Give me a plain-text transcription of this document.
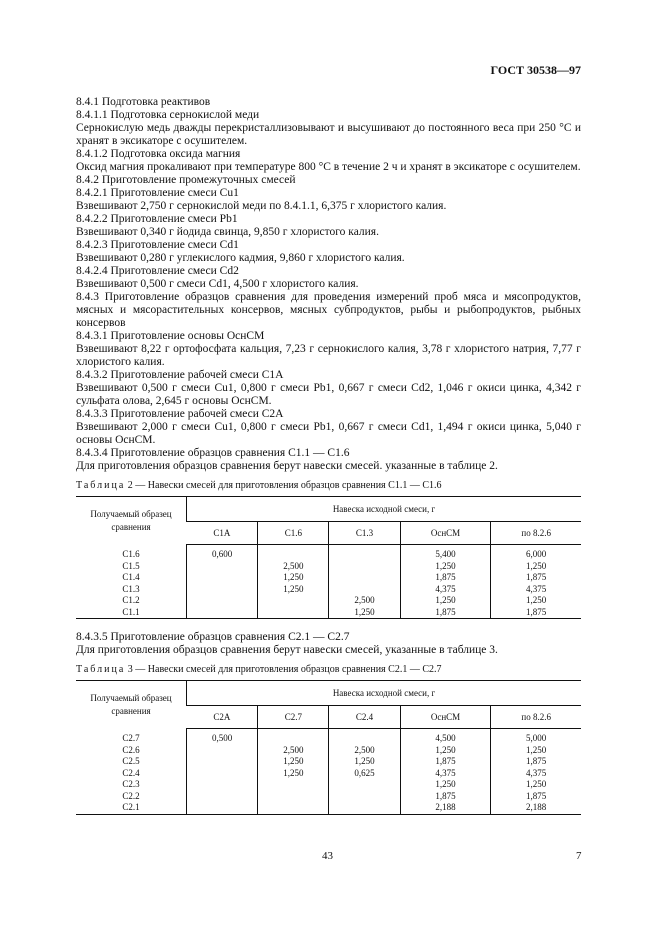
ГОСТ 30538—97

8.4.1 Подготовка реактивов

8.4.1.1 Подготовка сернокислой меди

Сернокислую медь дважды перекристаллизовывают и высушивают до постоянного веса при 250 °С и хранят в эксикаторе с осушителем.

8.4.1.2 Подготовка оксида магния

Оксид магния прокаливают при температуре 800 °С в течение 2 ч и хранят в эксикаторе с осушителем.

8.4.2 Приготовление промежуточных смесей

8.4.2.1 Приготовление смеси Cu1

Взвешивают 2,750 г сернокислой меди по 8.4.1.1, 6,375 г хлористого калия.

8.4.2.2 Приготовление смеси Pb1

Взвешивают 0,340 г йодида свинца, 9,850 г хлористого калия.

8.4.2.3 Приготовление смеси Cd1

Взвешивают 0,280 г углекислого кадмия, 9,860 г хлористого калия.

8.4.2.4 Приготовление смеси Cd2

Взвешивают 0,500 г смеси Cd1, 4,500 г хлористого калия.

8.4.3 Приготовление образцов сравнения для проведения измерений проб мяса и мясопродуктов, мясных и мясорастительных консервов, мясных субпродуктов, рыбы и рыбопродуктов, рыбных консервов

8.4.3.1 Приготовление основы ОснСМ

Взвешивают 8,22 г ортофосфата кальция, 7,23 г сернокислого калия, 3,78 г хлористого натрия, 7,77 г хлористого калия.

8.4.3.2 Приготовление рабочей смеси С1А

Взвешивают 0,500 г смеси Cu1, 0,800 г смеси Pb1, 0,667 г смеси Cd2, 1,046 г окиси цинка, 4,342 г сульфата олова, 2,645 г основы ОснСМ.

8.4.3.3 Приготовление рабочей смеси С2А

Взвешивают 2,000 г смеси Cu1, 0,800 г смеси Pb1, 0,667 г смеси Cd1, 1,494 г окиси цинка, 5,040 г основы ОснСМ.

8.4.3.4 Приготовление образцов сравнения С1.1 — С1.6

Для приготовления образцов сравнения берут навески смесей. указанные в таблице 2.

Таблица 2 — Навески смесей для приготовления образцов сравнения С1.1 — С1.6
Получаемый образец сравнения	Навеска исходной смеси, г				
	С1А	С1.6	С1.3	ОснСМ	по 8.2.6
С1.6	0,600			5,400	6,000
С1.5		2,500		1,250	1,250
С1.4		1,250		1,875	1,875
С1.3		1,250		4,375	4,375
С1.2			2,500	1,250	1,250
С1.1			1,250	1,875	1,875

8.4.3.5 Приготовление образцов сравнения С2.1 — С2.7

Для приготовления образцов сравнения берут навески смесей, указанные в таблице 3.

Таблица 3 — Навески смесей для приготовления образцов сравнения С2.1 — С2.7
Получаемый образец сравнения	Навеска исходной смеси, г				
	С2А	С2.7	С2.4	ОснСМ	по 8.2.6
С2.7	0,500			4,500	5,000
С2.6		2,500	2,500	1,250	1,250
С2.5		1,250	1,250	1,875	1,875
С2.4		1,250	0,625	4,375	4,375
С2.3				1,250	1,250
С2.2				1,875	1,875
С2.1				2,188	2,188
43	7
